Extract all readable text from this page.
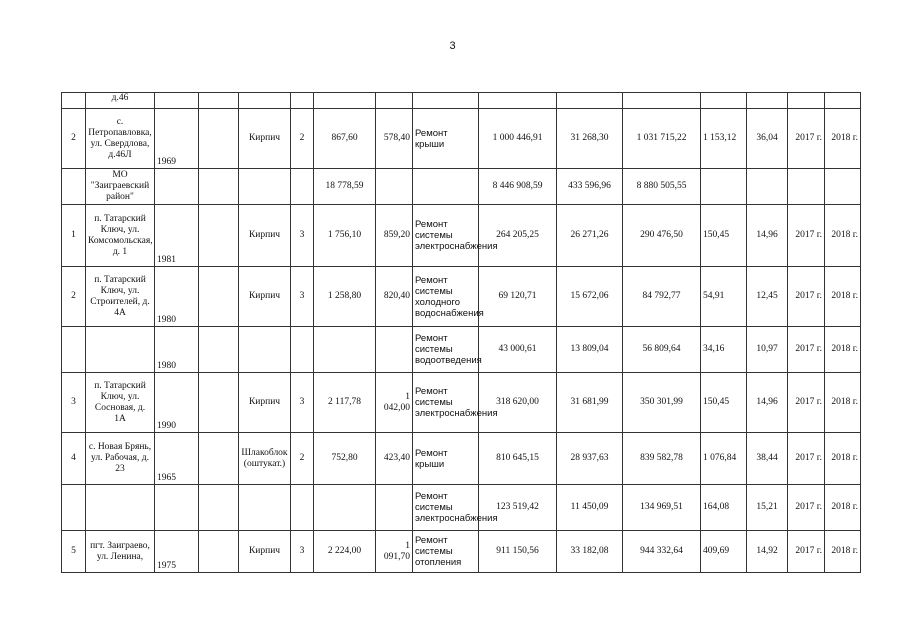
3
	д.46														
2	с. Петропавловка, ул. Свердлова, д.46Л	1969		Кирпич	2	867,60	578,40	Ремонт крыши	1 000 446,91	31 268,30	1 031 715,22	1 153,12	36,04	2017 г.	2018 г.
	МО "Заиграевский район"					18 778,59			8 446 908,59	433 596,96	8 880 505,55				
1	п. Татарский Ключ, ул. Комсомольская, д. 1	1981		Кирпич	3	1 756,10	859,20	Ремонт системы электроснабжения	264 205,25	26 271,26	290 476,50	150,45	14,96	2017 г.	2018 г.
2	п. Татарский Ключ, ул. Строителей, д. 4А	1980		Кирпич	3	1 258,80	820,40	Ремонт системы холодного водоснабжения	69 120,71	15 672,06	84 792,77	54,91	12,45	2017 г.	2018 г.
		1980						Ремонт системы водоотведения	43 000,61	13 809,04	56 809,64	34,16	10,97	2017 г.	2018 г.
3	п. Татарский Ключ, ул. Сосновая, д. 1А	1990		Кирпич	3	2 117,78	1 042,00	Ремонт системы электроснабжения	318 620,00	31 681,99	350 301,99	150,45	14,96	2017 г.	2018 г.
4	с. Новая Брянь, ул. Рабочая, д. 23	1965		Шлакоблок (оштукат.)	2	752,80	423,40	Ремонт крыши	810 645,15	28 937,63	839 582,78	1 076,84	38,44	2017 г.	2018 г.
								Ремонт системы электроснабжения	123 519,42	11 450,09	134 969,51	164,08	15,21	2017 г.	2018 г.
5	пгт. Заиграево, ул. Ленина,	1975		Кирпич	3	2 224,00	1 091,70	Ремонт системы отопления	911 150,56	33 182,08	944 332,64	409,69	14,92	2017 г.	2018 г.
